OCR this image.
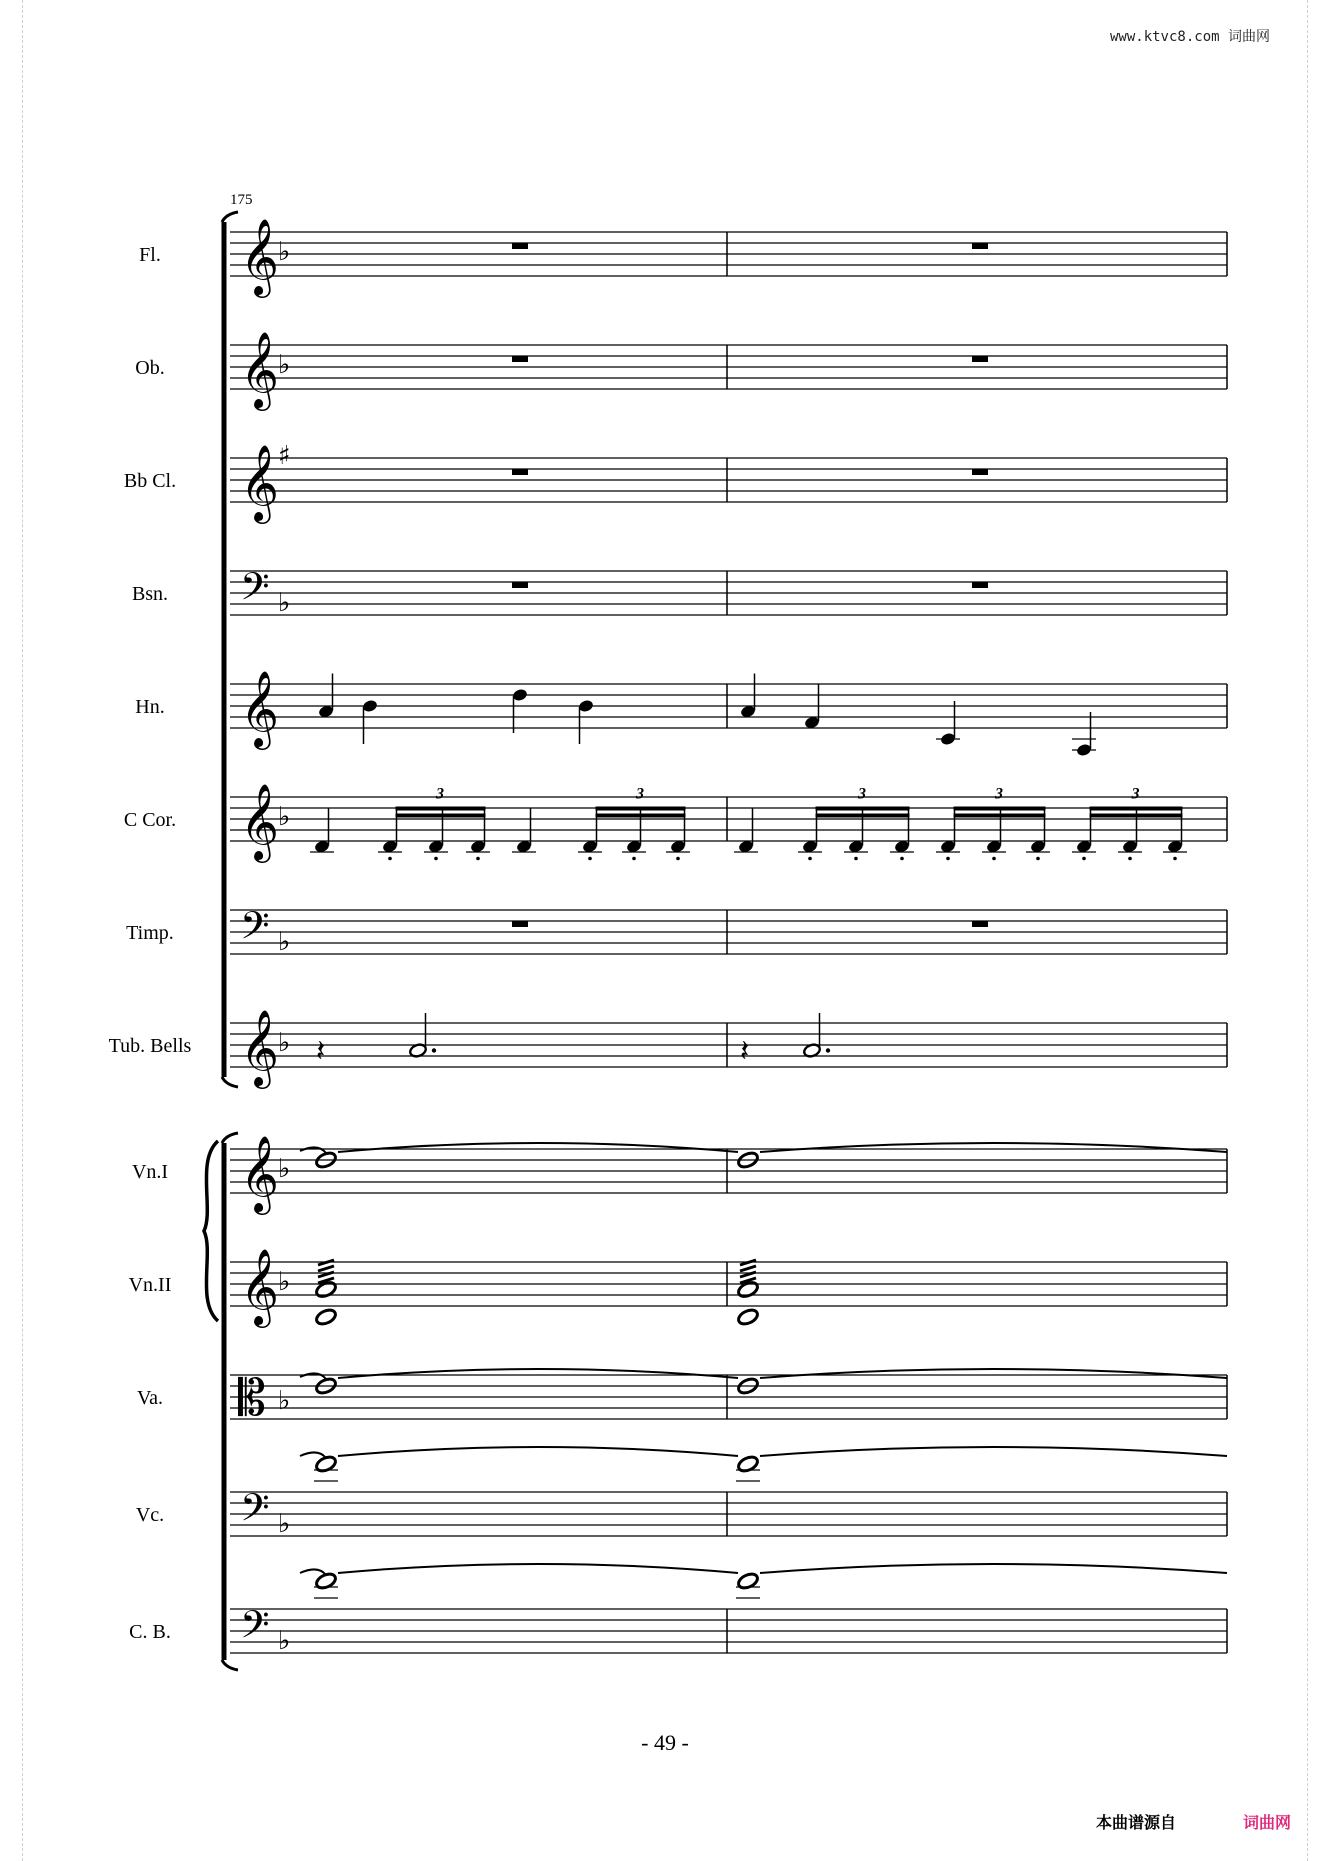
www.ktvc8.com 词曲网
175
Fl.
Ob.
Bb Cl.
Bsn.
Hn.
C Cor.
Timp.
Tub. Bells
Vn.I
Vn.II
Va.
Vc.
C. B.
𝄞
♭
𝄞
♭
𝄞
♯
𝄢 ♭
𝄞
𝄞
♭
𝄢 ♭
𝄞
♭
𝄞
♭
𝄞
♭
𝄡 ♭
𝄢 ♭
𝄢 ♭
3	3	3	3	3
𝄽	𝄽
- 49 -
本曲谱源自	词曲网
